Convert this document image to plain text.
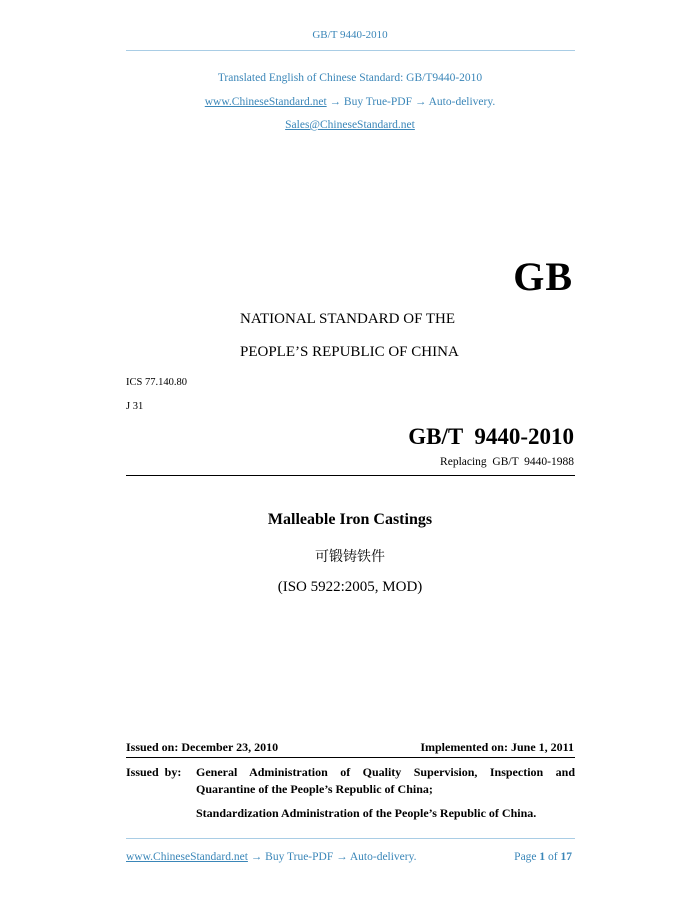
GB/T 9440-2010
Translated English of Chinese Standard: GB/T9440-2010
www.ChineseStandard.net → Buy True-PDF → Auto-delivery.
Sales@ChineseStandard.net
GB
NATIONAL STANDARD OF THE
PEOPLE’S REPUBLIC OF CHINA
ICS 77.140.80
J 31
GB/T  9440-2010
Replacing  GB/T  9440-1988
Malleable Iron Castings
可锻铸铁件
(ISO 5922:2005, MOD)
Issued on: December 23, 2010	Implemented on: June 1, 2011
Issued  by: General Administration of Quality Supervision, Inspection and
Quarantine of the People’s Republic of China;
Standardization Administration of the People’s Republic of China.
www.ChineseStandard.net → Buy True-PDF → Auto-delivery.	Page 1 of 17
